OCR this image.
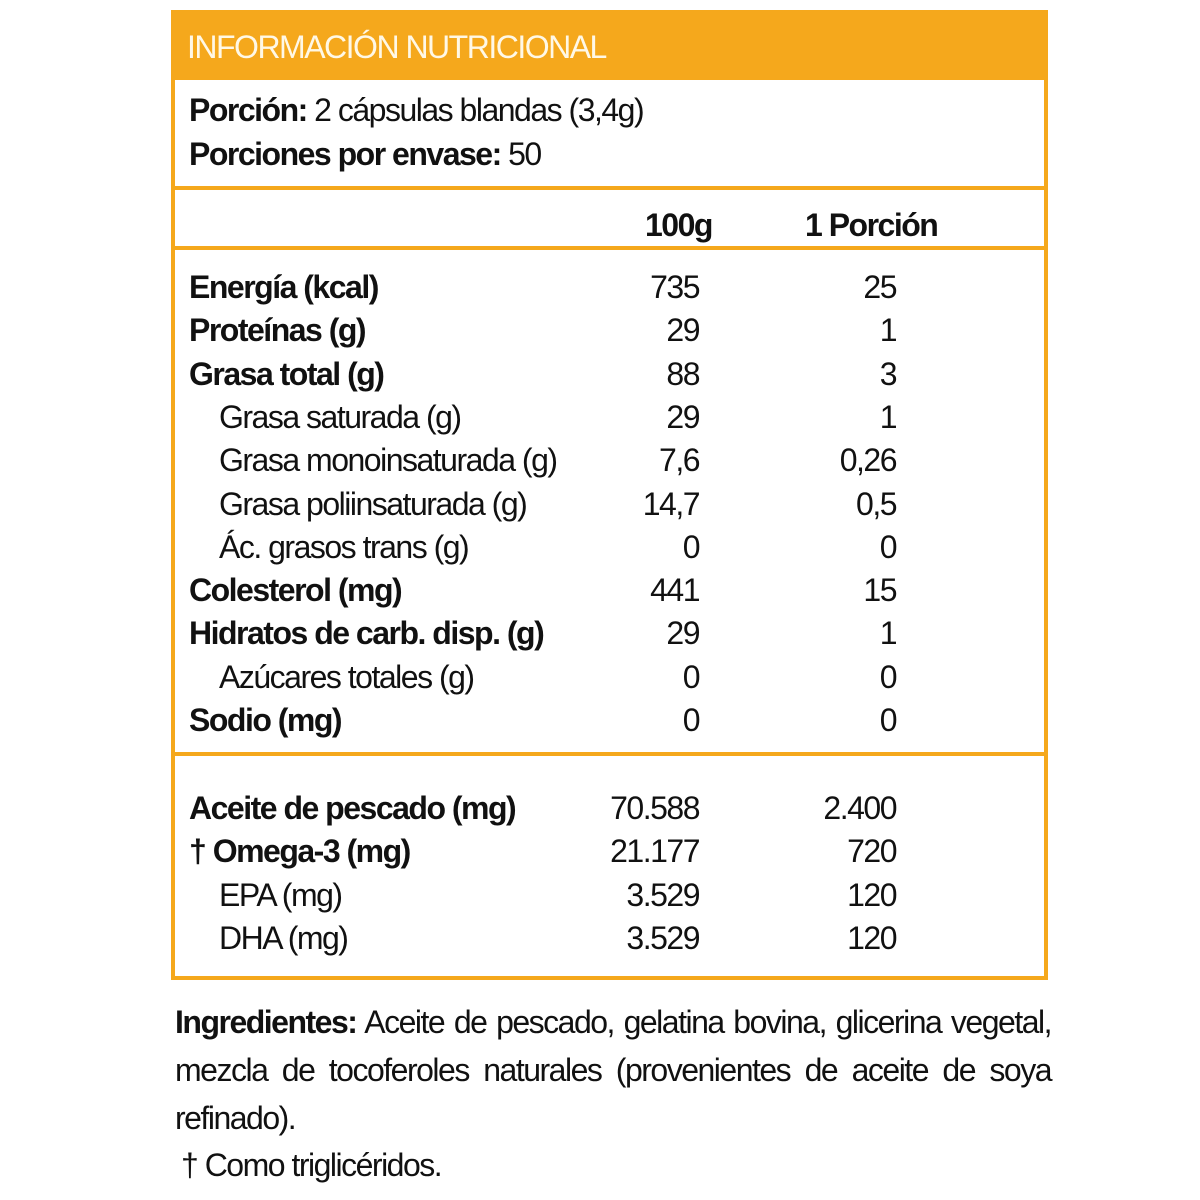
INFORMACIÓN NUTRICIONAL
Porción: 2 cápsulas blandas (3,4g)
Porciones por envase: 50
100g	1 Porción
Energía (kcal)	735	25
Proteínas (g)	29	1
Grasa total (g)	88	3
Grasa saturada (g)	29	1
Grasa monoinsaturada (g)	7,6	0,26
Grasa poliinsaturada (g)	14,7	0,5
Ác. grasos trans (g)	0	0
Colesterol (mg)	441	15
Hidratos de carb. disp. (g)	29	1
Azúcares totales (g)	0	0
Sodio (mg)	0	0
Aceite de pescado (mg)	70.588	2.400
† Omega-3 (mg)	21.177	720
EPA (mg)	3.529	120
DHA (mg)	3.529	120
Ingredientes: Aceite de pescado, gelatina bovina, glicerina vegetal, mezcla de tocoferoles naturales (provenientes de aceite de soya refinado).
† Como triglicéridos.
